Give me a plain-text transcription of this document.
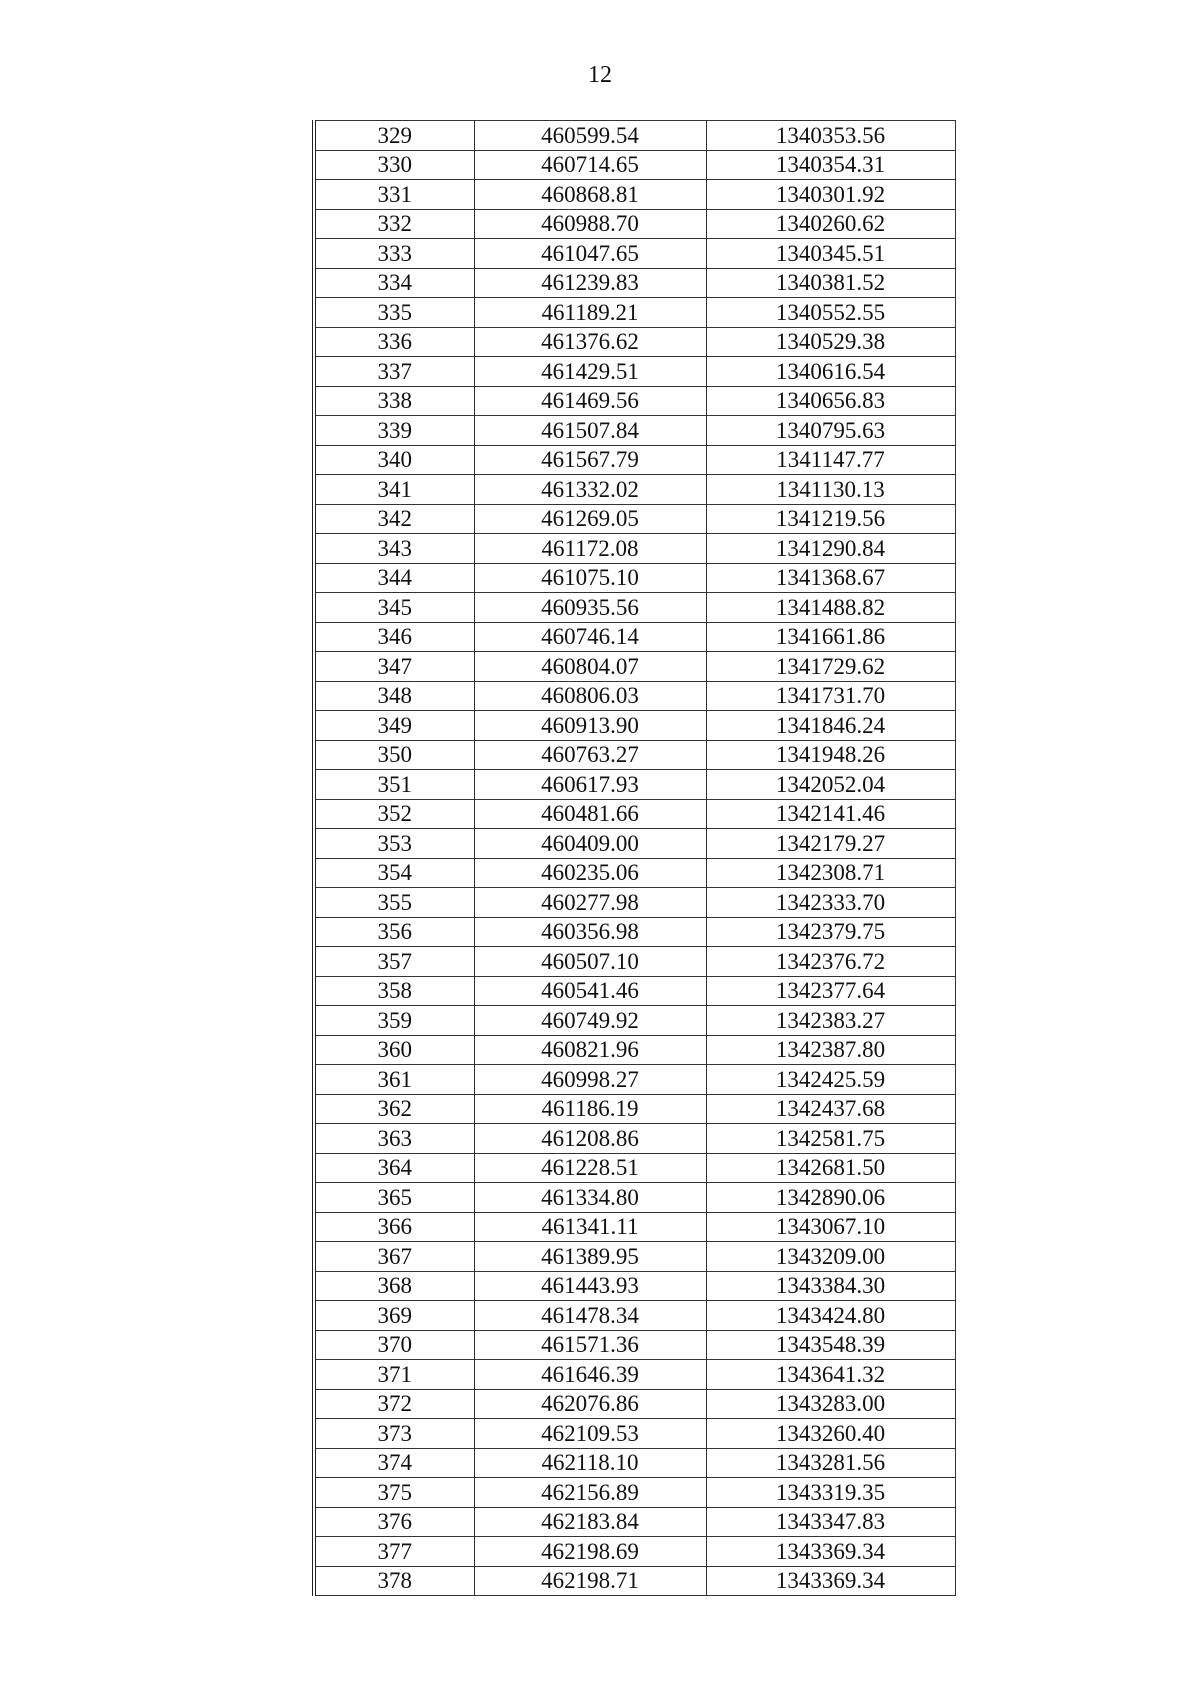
12
329	460599.54	1340353.56
330	460714.65	1340354.31
331	460868.81	1340301.92
332	460988.70	1340260.62
333	461047.65	1340345.51
334	461239.83	1340381.52
335	461189.21	1340552.55
336	461376.62	1340529.38
337	461429.51	1340616.54
338	461469.56	1340656.83
339	461507.84	1340795.63
340	461567.79	1341147.77
341	461332.02	1341130.13
342	461269.05	1341219.56
343	461172.08	1341290.84
344	461075.10	1341368.67
345	460935.56	1341488.82
346	460746.14	1341661.86
347	460804.07	1341729.62
348	460806.03	1341731.70
349	460913.90	1341846.24
350	460763.27	1341948.26
351	460617.93	1342052.04
352	460481.66	1342141.46
353	460409.00	1342179.27
354	460235.06	1342308.71
355	460277.98	1342333.70
356	460356.98	1342379.75
357	460507.10	1342376.72
358	460541.46	1342377.64
359	460749.92	1342383.27
360	460821.96	1342387.80
361	460998.27	1342425.59
362	461186.19	1342437.68
363	461208.86	1342581.75
364	461228.51	1342681.50
365	461334.80	1342890.06
366	461341.11	1343067.10
367	461389.95	1343209.00
368	461443.93	1343384.30
369	461478.34	1343424.80
370	461571.36	1343548.39
371	461646.39	1343641.32
372	462076.86	1343283.00
373	462109.53	1343260.40
374	462118.10	1343281.56
375	462156.89	1343319.35
376	462183.84	1343347.83
377	462198.69	1343369.34
378	462198.71	1343369.34
